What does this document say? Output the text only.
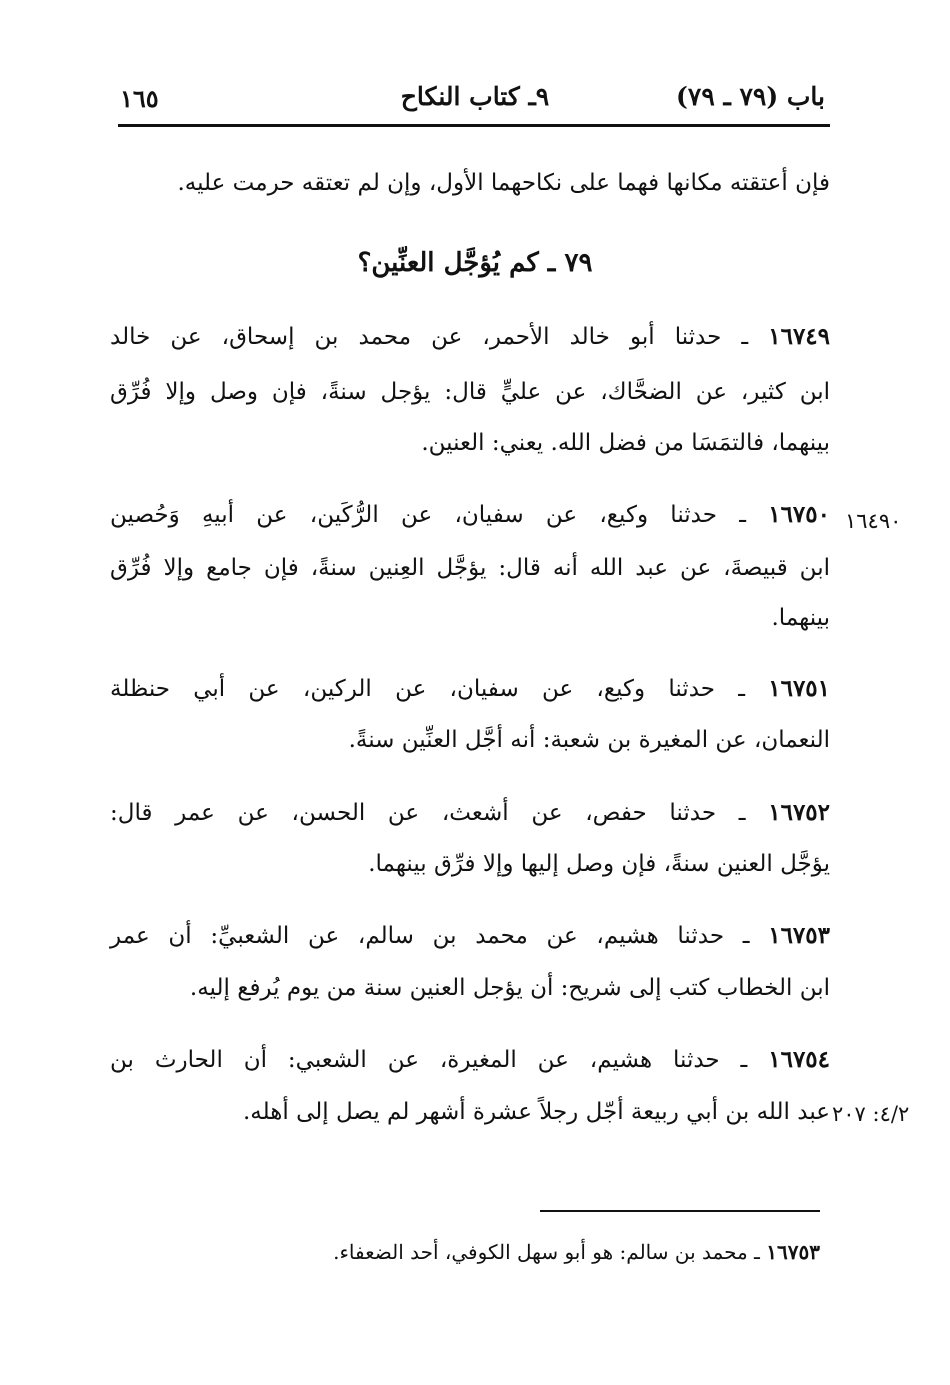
١٦٥	٩ـ كتاب النكاح	باب (٧٩ ـ ٧٩)
فإن أعتقته مكانها فهما على نكاحهما الأول، وإن لم تعتقه حرمت عليه.
٧٩ ـ كم يُؤجَّل العنِّين؟
١٦٧٤٩ ـ حدثنا أبو خالد الأحمر، عن محمد بن إسحاق، عن خالد
ابن كثير، عن الضحَّاك، عن عليٍّ قال: يؤجل سنةً، فإن وصل وإلا فُرِّق
بينهما، فالتمَسَا من فضل الله. يعني: العنين.
١٦٤٩٠
١٦٧٥٠ ـ حدثنا وكيع، عن سفيان، عن الرُّكَين، عن أبيهِ وَحُصين
ابن قبيصةَ، عن عبد الله أنه قال: يؤجَّل العِنين سنةً، فإن جامع وإلا فُرِّق
بينهما.
١٦٧٥١ ـ حدثنا وكيع، عن سفيان، عن الركين، عن أبي حنظلة
النعمان، عن المغيرة بن شعبة: أنه أجَّل العنِّين سنةً.
١٦٧٥٢ ـ حدثنا حفص، عن أشعث، عن الحسن، عن عمر قال:
يؤجَّل العنين سنةً، فإن وصل إليها وإلا فرِّق بينهما.
١٦٧٥٣ ـ حدثنا هشيم، عن محمد بن سالم، عن الشعبيِّ: أن عمر
ابن الخطاب كتب إلى شريح: أن يؤجل العنين سنة من يوم يُرفع إليه.
١٦٧٥٤ ـ حدثنا هشيم، عن المغيرة، عن الشعبي: أن الحارث بن
٤/٢: ٢٠٧
عبد الله بن أبي ربيعة أجّل رجلاً عشرة أشهر لم يصل إلى أهله.
١٦٧٥٣ ـ محمد بن سالم: هو أبو سهل الكوفي، أحد الضعفاء.
